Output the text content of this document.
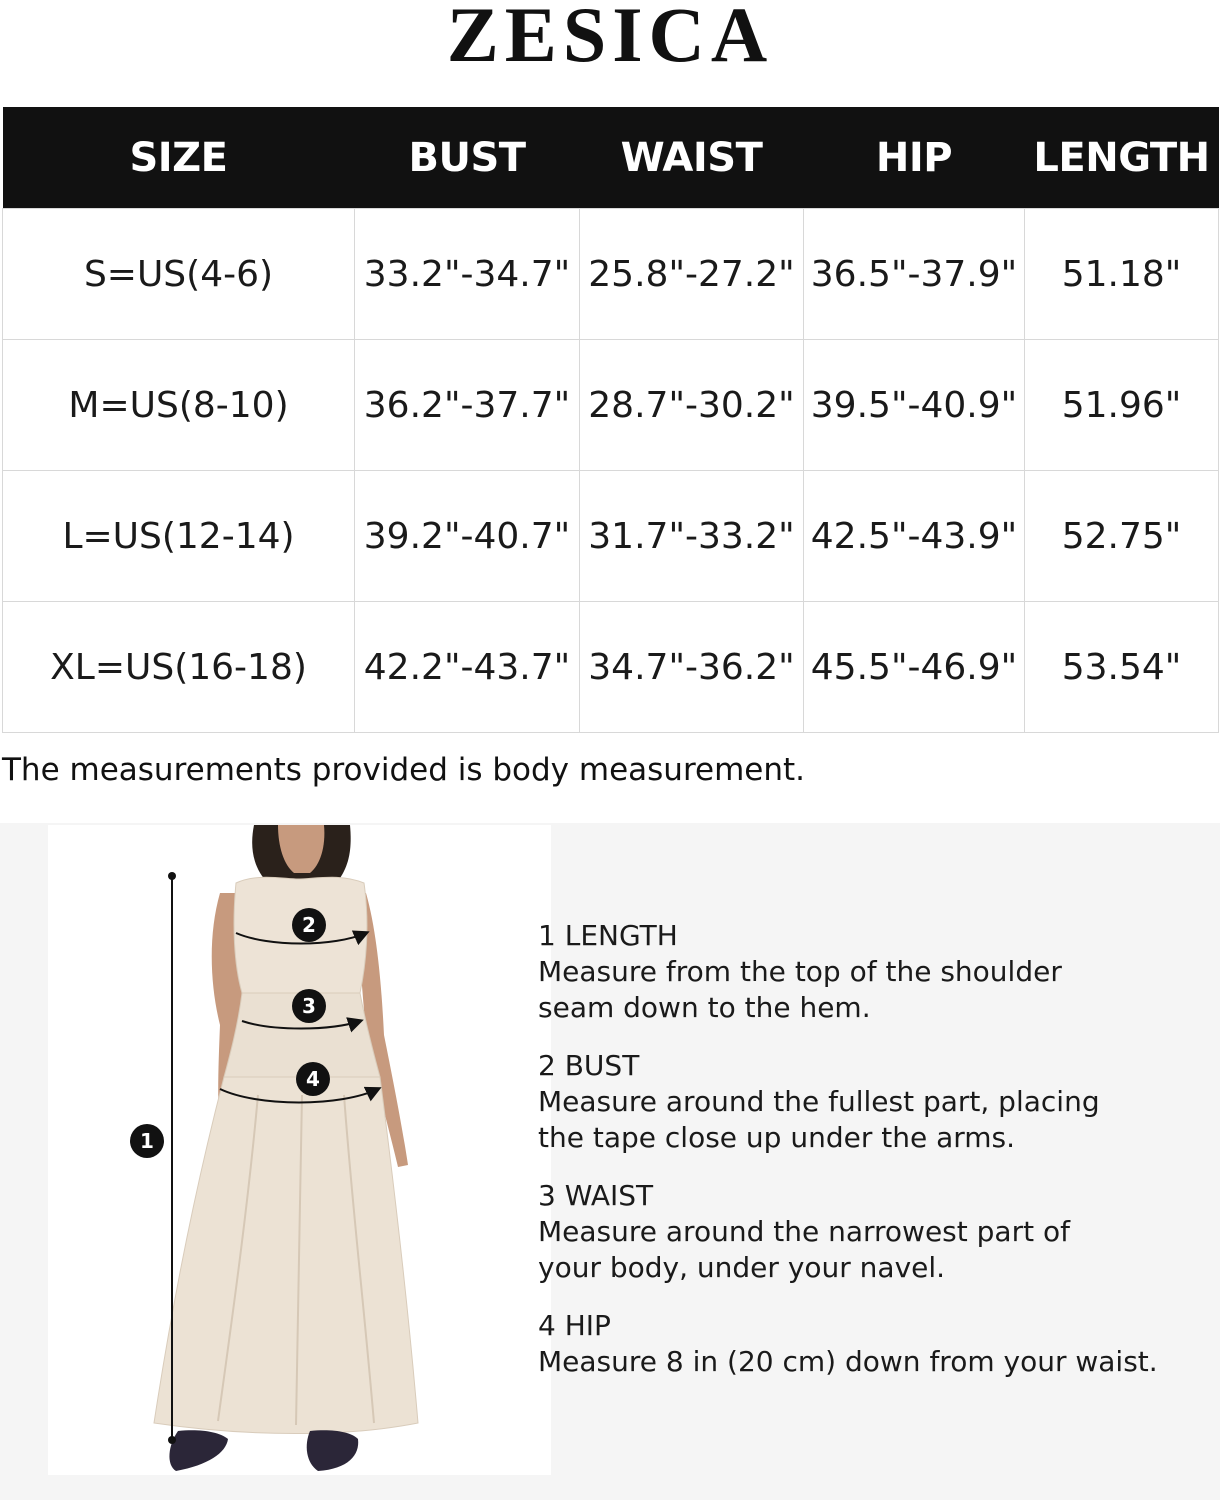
ZESICA
SIZE	BUST	WAIST	HIP	LENGTH
S=US(4-6)	33.2"-34.7"	25.8"-27.2"	36.5"-37.9"	51.18"
M=US(8-10)	36.2"-37.7"	28.7"-30.2"	39.5"-40.9"	51.96"
L=US(12-14)	39.2"-40.7"	31.7"-33.2"	42.5"-43.9"	52.75"
XL=US(16-18)	42.2"-43.7"	34.7"-36.2"	45.5"-46.9"	53.54"
The measurements provided is body measurement.
1
2
3
4
1 LENGTH
Measure from the top of the shoulder
seam down to the hem.
2 BUST
Measure around the fullest part, placing
the tape close up under the arms.
3 WAIST
Measure around the narrowest part of
your body, under your navel.
4 HIP
Measure 8 in (20 cm) down from your waist.
